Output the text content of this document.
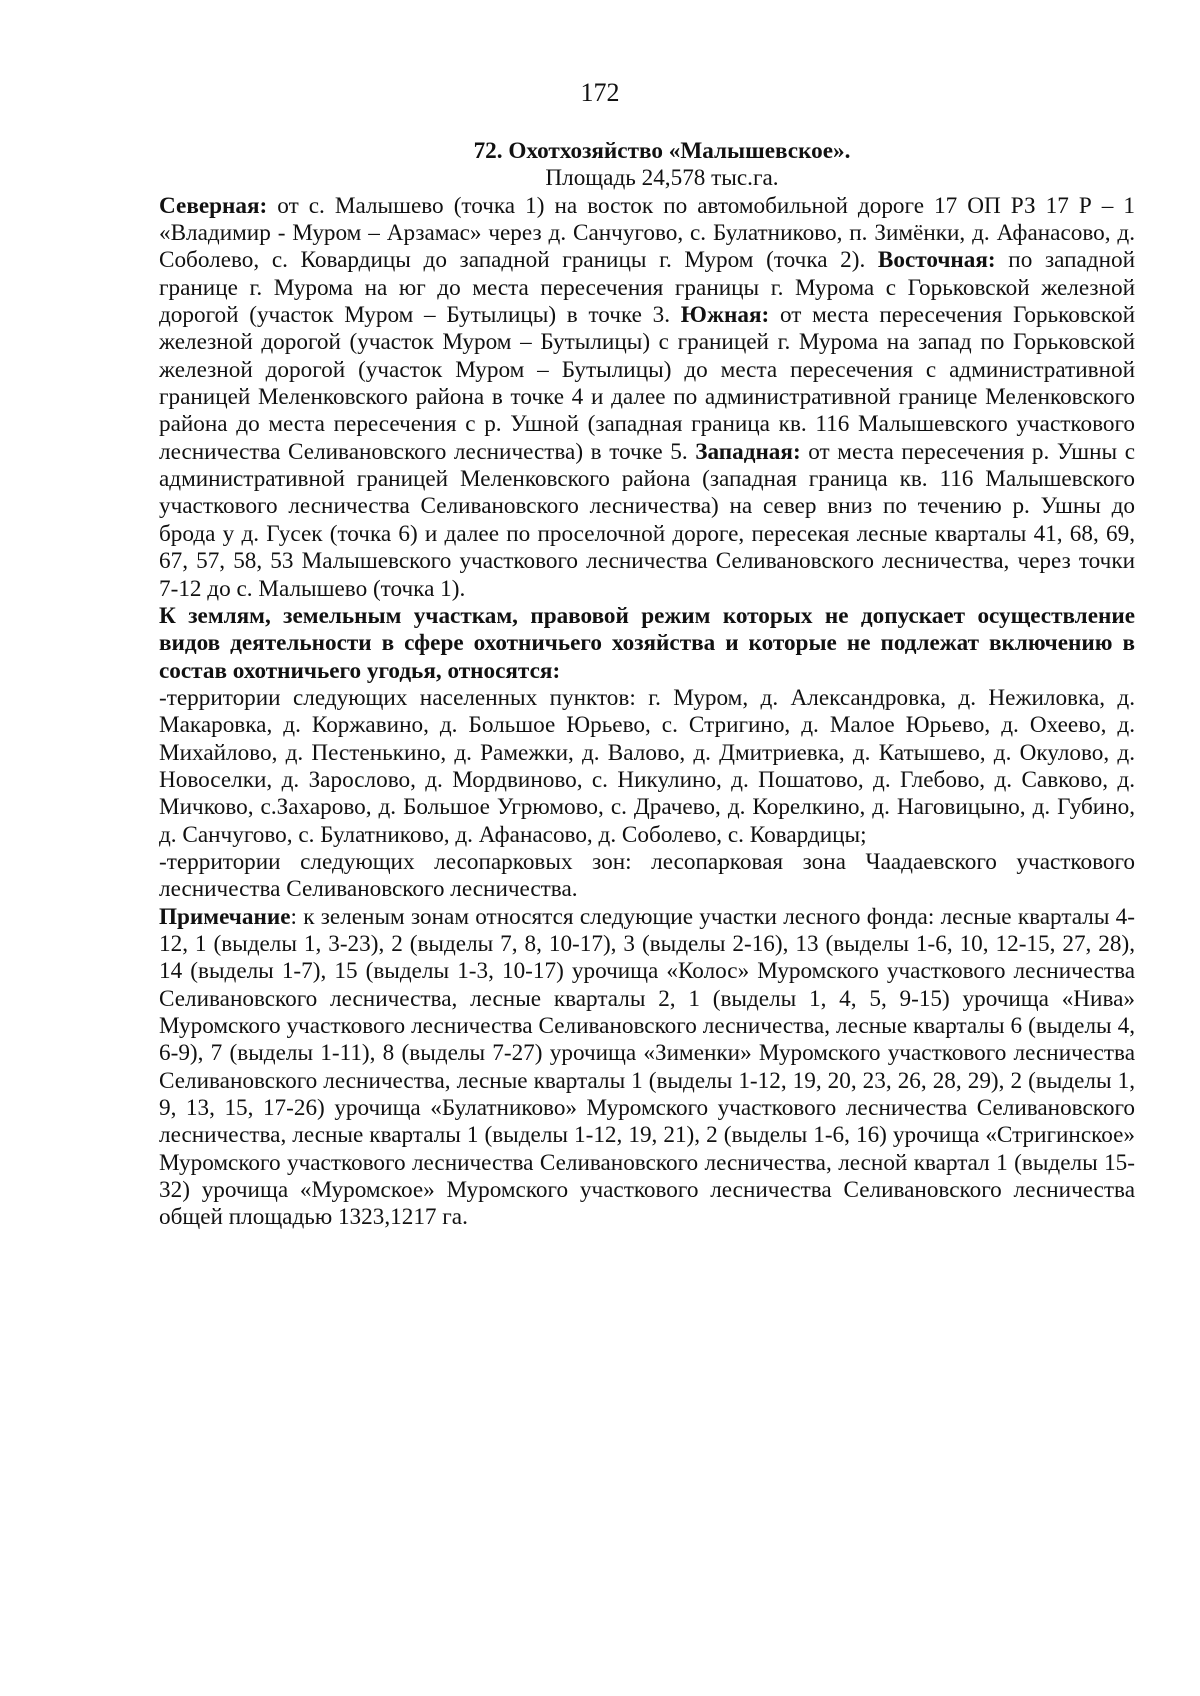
172

72. Охотхозяйство «Малышевское».

Площадь 24,578 тыс.га.

Северная: от с. Малышево (точка 1) на восток по автомобильной дороге 17 ОП РЗ 17 Р – 1 «Владимир - Муром – Арзамас» через д. Санчугово, с. Булатниково, п. Зимёнки, д. Афанасово, д. Соболево, с. Ковардицы до западной границы г. Муром (точка 2). Восточная: по западной границе г. Мурома на юг до места пересечения границы г. Мурома с Горьковской железной дорогой (участок Муром – Бутылицы) в точке 3. Южная: от места пересечения Горьковской железной дорогой (участок Муром – Бутылицы) с границей г. Мурома на запад по Горьковской железной дорогой (участок Муром – Бутылицы) до места пересечения с административной границей Меленковского района в точке 4 и далее по административной границе Меленковского района до места пересечения с р. Ушной (западная граница кв. 116 Малышевского участкового лесничества Селивановского лесничества) в точке 5. Западная: от места пересечения р. Ушны с административной границей Меленковского района (западная граница кв. 116 Малышевского участкового лесничества Селивановского лесничества) на север вниз по течению р. Ушны до брода у д. Гусек (точка 6) и далее по проселочной дороге, пересекая лесные кварталы 41, 68, 69, 67, 57, 58, 53 Малышевского участкового лесничества Селивановского лесничества, через точки 7-12 до с. Малышево (точка 1).

К землям, земельным участкам, правовой режим которых не допускает осуществление видов деятельности в сфере охотничьего хозяйства и которые не подлежат включению в состав охотничьего угодья, относятся:

-территории следующих населенных пунктов: г. Муром, д. Александровка, д. Нежиловка, д. Макаровка, д. Коржавино, д. Большое Юрьево, с. Стригино, д. Малое Юрьево, д. Охеево, д. Михайлово, д. Пестенькино, д. Рамежки, д. Валово, д. Дмитриевка, д. Катышево, д. Окулово, д. Новоселки, д. Зарослово, д. Мордвиново, с. Никулино, д. Пошатово, д. Глебово, д. Савково, д. Мичково, с.Захарово, д. Большое Угрюмово, с. Драчево, д. Корелкино, д. Наговицыно, д. Губино, д. Санчугово, с. Булатниково, д. Афанасово, д. Соболево, с. Ковардицы;

-территории следующих лесопарковых зон: лесопарковая зона Чаадаевского участкового лесничества Селивановского лесничества.

Примечание: к зеленым зонам относятся следующие участки лесного фонда: лесные кварталы 4-12, 1 (выделы 1, 3-23), 2 (выделы 7, 8, 10-17), 3 (выделы 2-16), 13 (выделы 1-6, 10, 12-15, 27, 28), 14 (выделы 1-7), 15 (выделы 1-3, 10-17) урочища «Колос» Муромского участкового лесничества Селивановского лесничества, лесные кварталы 2, 1 (выделы 1, 4, 5, 9-15) урочища «Нива» Муромского участкового лесничества Селивановского лесничества, лесные кварталы 6 (выделы 4, 6-9), 7 (выделы 1-11), 8 (выделы 7-27) урочища «Зименки» Муромского участкового лесничества Селивановского лесничества, лесные кварталы 1 (выделы 1-12, 19, 20, 23, 26, 28, 29), 2 (выделы 1, 9, 13, 15, 17-26) урочища «Булатниково» Муромского участкового лесничества Селивановского лесничества, лесные кварталы 1 (выделы 1-12, 19, 21), 2 (выделы 1-6, 16) урочища «Стригинское» Муромского участкового лесничества Селивановского лесничества, лесной квартал 1 (выделы 15-32) урочища «Муромское» Муромского участкового лесничества Селивановского лесничества общей площадью 1323,1217 га.
